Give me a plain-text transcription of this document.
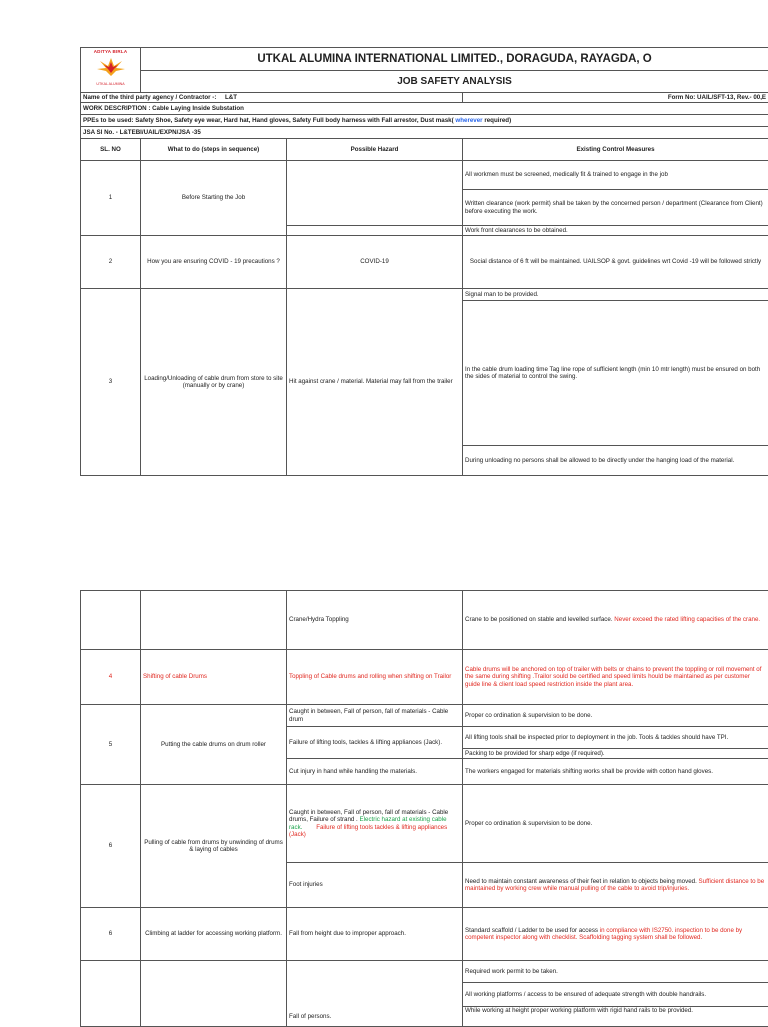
ADITYA BIRLA
UTKAL ALUMINA	UTKAL ALUMINA INTERNATIONAL LIMITED., DORAGUDA, RAYAGDA, O		
	JOB SAFETY ANALYSIS		
Name of the third party agency / Contractor -: L&T			Form No: UAIL/SFT-13, Rev.- 00,E
WORK DESCRIPTION : Cable Laying Inside Substation			
PPEs to be used: Safety Shoe, Safety eye wear, Hard hat, Hand gloves, Safety Full body harness with Fall arrestor, Dust mask( wherever required)			
JSA Sl No. - L&TEBI/UAIL/EXPN/JSA -35			
SL. NO	What to do (steps in sequence)	Possible Hazard	Existing Control Measures
1	Before Starting the Job		All workmen must be screened, medically fit & trained to engage in the job
			Written clearance (work permit) shall be taken by the concerned person / department (Clearance from Client) before executing the work.
			Work front clearances to be obtained.
2	How you are ensuring COVID - 19 precautions ?	COVID-19	Social distance of 6 ft will be maintained. UAILSOP & govt. guidelines wrt Covid -19 will be followed strictly
3	Loading/Unloading of cable drum from store to site (manually or by crane)	Hit against crane / material. Material may fall from the trailer	Signal man to be provided.
			In the cable drum loading time Tag line rope of sufficient length (min 10 mtr length) must be ensured on both the sides of material to control the swing.
			During unloading no persons shall be allowed to be directly under the hanging load of the material.
		Crane/Hydra Toppling	Crane to be positioned on stable and levelled surface. Never exceed the rated lifting capacities of the crane.
4	Shifting of cable Drums	Toppling of Cable drums and rolling when shifting on Trailor	Cable drums will be anchored on top of trailer with belts or chains to prevent the toppling or roll movement of the same during shifting .Trailor sould be certified and speed limits hould be maintained as per customer guide line & client load speed restriction inside the plant area.
5	Putting the cable drums on drum roller	Caught in between, Fall of person, fall of materials - Cable drum	Proper co ordination & supervision to be done.
		Failure of lifting tools, tackles & lifting appliances (Jack).	All lifting tools shall be inspected prior to deployment in the job. Tools & tackles should have TPI.
			Packing to be provided for sharp edge (if required).
		Cut injury in hand while handling the materials.	The workers engaged for materials shifting works shall be provide with cotton hand gloves.
6	Pulling of cable from drums by unwinding of drums & laying of cables	Caught in between, Fall of person, fall of materials - Cable drums, Failure of strand . Electric hazard at existing cable rack. Failure of lifting tools tackles & lifting appliances (Jack)	Proper co ordination & supervision to be done.
		Foot injuries	Need to maintain constant awareness of their feet in relation to objects being moved. Sufficient distance to be maintained by working crew while manual pulling of the cable to avoid trip/injuries.
6	Climbing at ladder for accessing working platform.	Fall from height due to improper approach.	Standard scaffold / Ladder to be used for access in compliance with IS2750. inspection to be done by competent inspector along with checklist. Scaffolding tagging system shall be followed.
		Fall of persons.	Required work permit to be taken.
			All working platforms / access to be ensured of adequate strength with double handrails.
			While working at height proper working platform with rigid hand rails to be provided.
